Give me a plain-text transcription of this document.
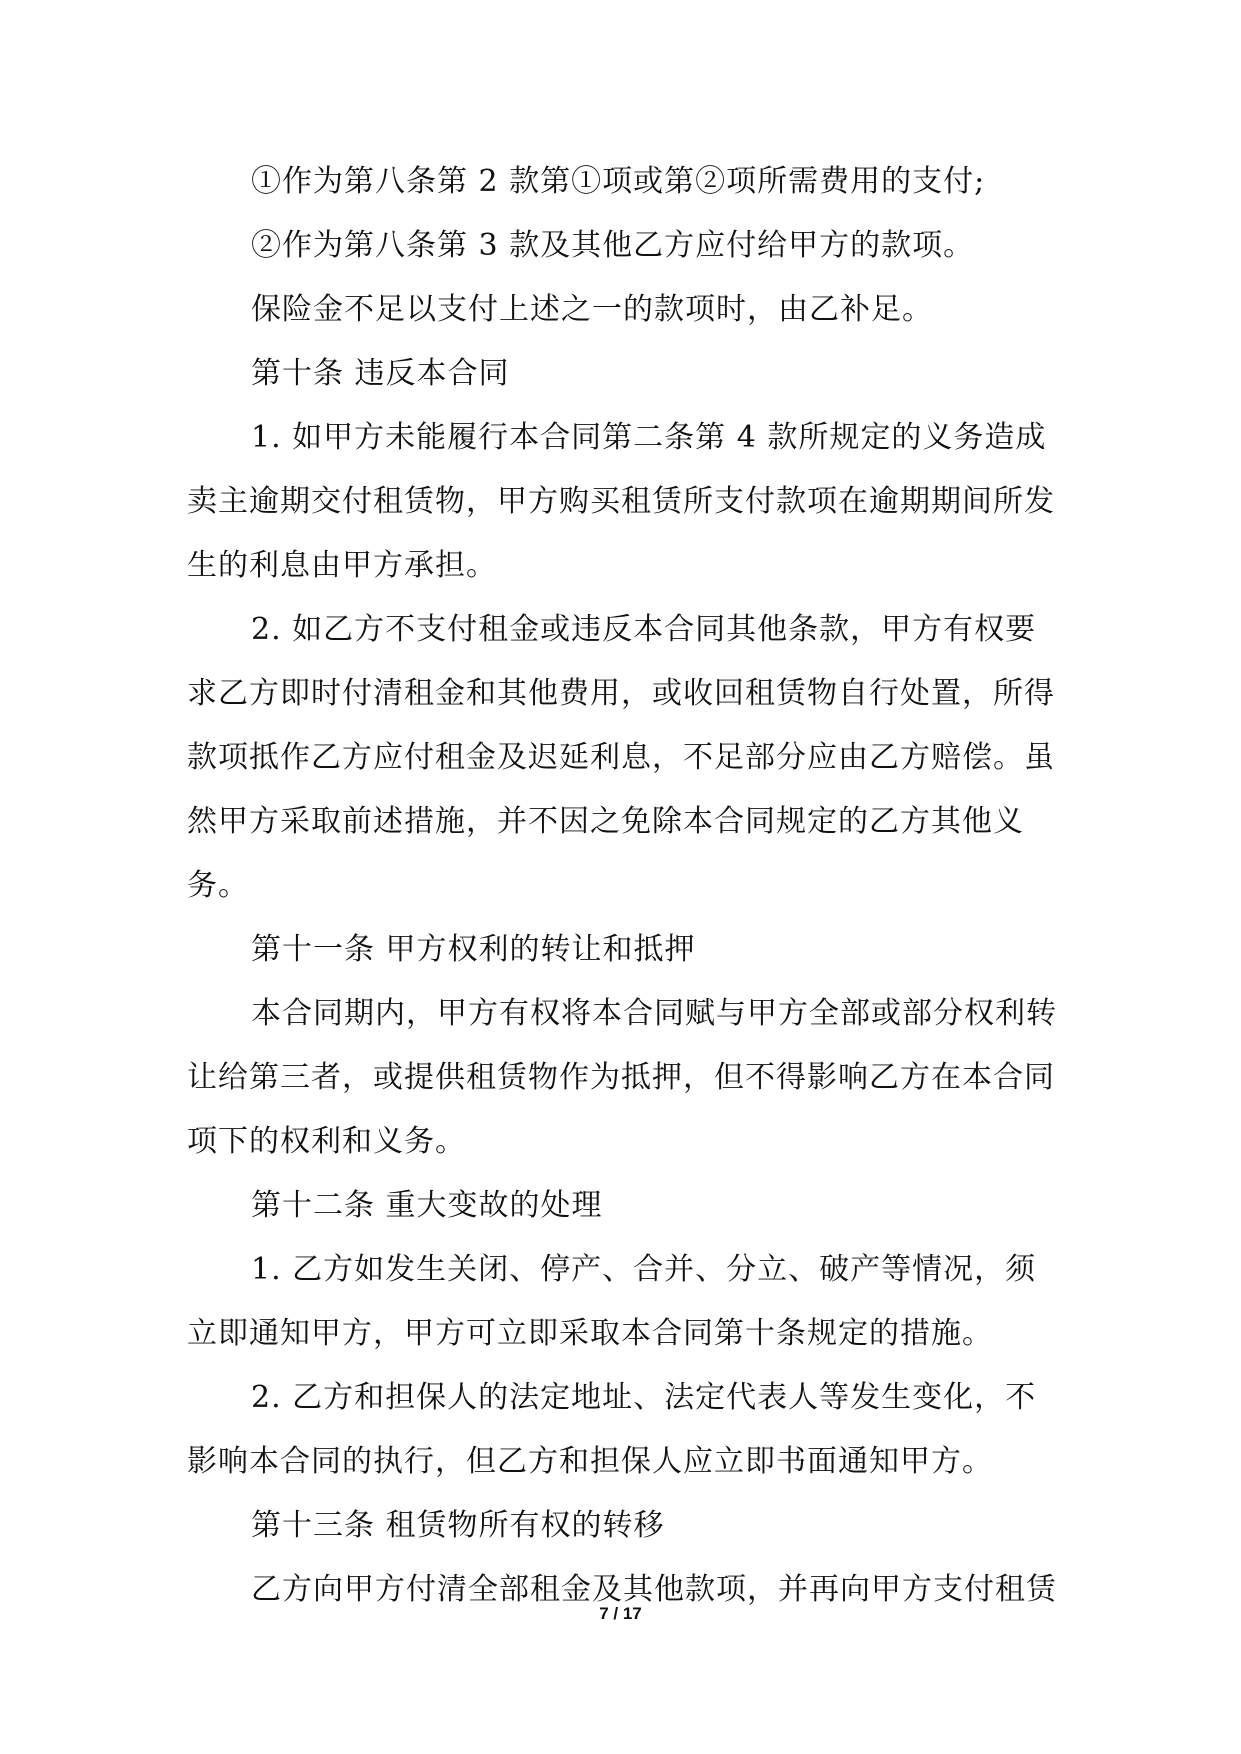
①作为第八条第 2 款第①项或第②项所需费用的支付;

②作为第八条第 3 款及其他乙方应付给甲方的款项。

保险金不足以支付上述之一的款项时，由乙补足。

第十条 违反本合同

1. 如甲方未能履行本合同第二条第 4 款所规定的义务造成卖主逾期交付租赁物，甲方购买租赁所支付款项在逾期期间所发生的利息由甲方承担。

2. 如乙方不支付租金或违反本合同其他条款，甲方有权要求乙方即时付清租金和其他费用，或收回租赁物自行处置，所得款项抵作乙方应付租金及迟延利息，不足部分应由乙方赔偿。虽然甲方采取前述措施，并不因之免除本合同规定的乙方其他义务。

第十一条 甲方权利的转让和抵押

本合同期内，甲方有权将本合同赋与甲方全部或部分权利转让给第三者，或提供租赁物作为抵押，但不得影响乙方在本合同项下的权利和义务。

第十二条 重大变故的处理

1. 乙方如发生关闭、停产、合并、分立、破产等情况，须立即通知甲方，甲方可立即采取本合同第十条规定的措施。

2. 乙方和担保人的法定地址、法定代表人等发生变化，不影响本合同的执行，但乙方和担保人应立即书面通知甲方。

第十三条 租赁物所有权的转移

乙方向甲方付清全部租金及其他款项，并再向甲方支付租赁

7 / 17
